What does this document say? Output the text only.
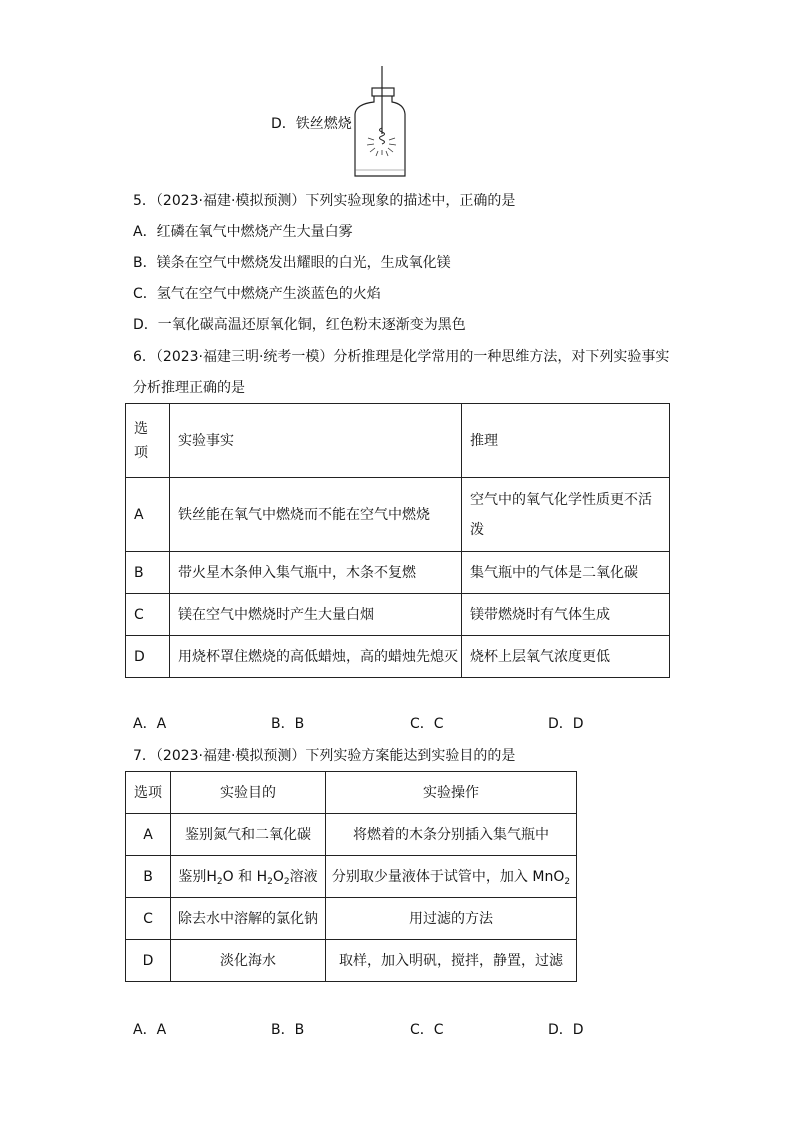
D．铁丝燃烧
5．（2023·福建·模拟预测）下列实验现象的描述中，正确的是
A．红磷在氧气中燃烧产生大量白雾
B．镁条在空气中燃烧发出耀眼的白光，生成氧化镁
C．氢气在空气中燃烧产生淡蓝色的火焰
D．一氧化碳高温还原氧化铜，红色粉末逐渐变为黑色
6．（2023·福建三明·统考一模）分析推理是化学常用的一种思维方法，对下列实验事实
分析推理正确的是
选
项	实验事实	推理
A	铁丝能在氧气中燃烧而不能在空气中燃烧	空气中的氧气化学性质更不活
泼

B	带火星木条伸入集气瓶中，木条不复燃	集气瓶中的气体是二氧化碳
C	镁在空气中燃烧时产生大量白烟	镁带燃烧时有气体生成
D	用烧杯罩住燃烧的高低蜡烛，高的蜡烛先熄灭	烧杯上层氧气浓度更低
A．A	B．B	C．C	D．D
7．（2023·福建·模拟预测）下列实验方案能达到实验目的的是
选项	实验目的	实验操作
A	鉴别氮气和二氧化碳	将燃着的木条分别插入集气瓶中
B	鉴别$H_2O$ 和 $H_2O_2$溶液	分别取少量液体于试管中，加入 MnO$_2$
C	除去水中溶解的氯化钠	用过滤的方法
D	淡化海水	取样，加入明矾，搅拌，静置，过滤
A．A	B．B	C．C	D．D
